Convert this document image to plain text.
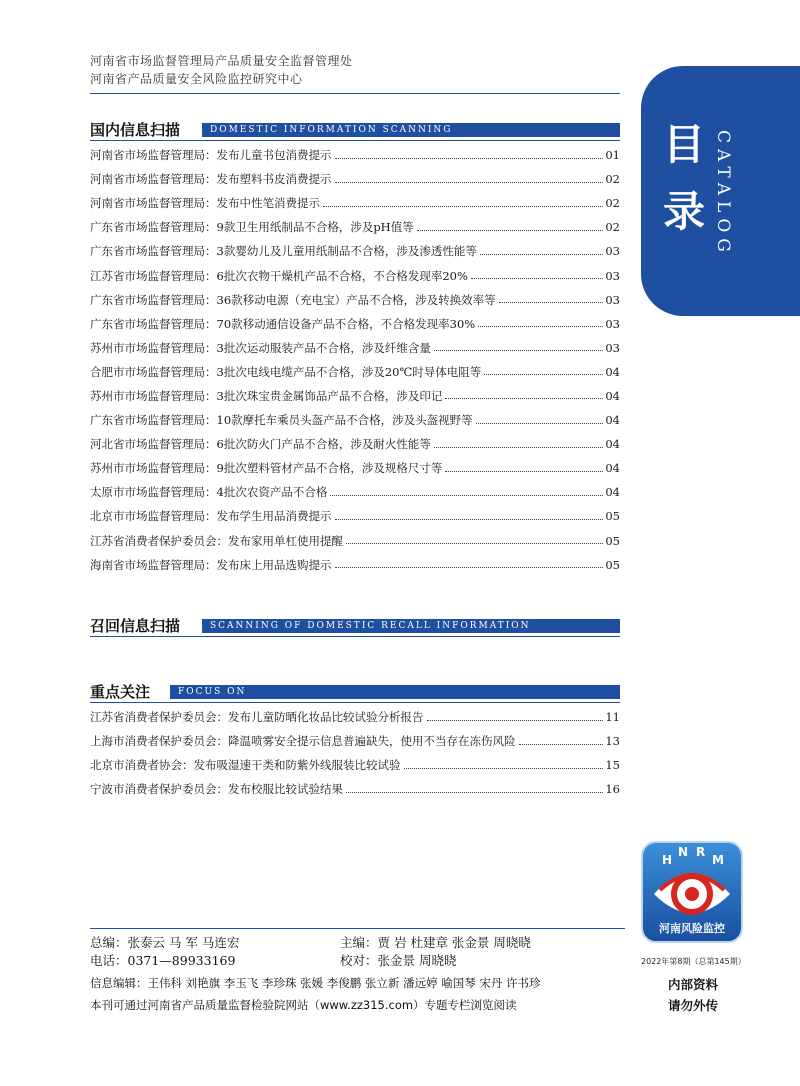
河南省市场监督管理局产品质量安全监督管理处
河南省产品质量安全风险监控研究中心
目
录 CATALOG
国内信息扫描	DOMESTIC INFORMATION SCANNING
河南省市场监督管理局：发布儿童书包消费提示	01
河南省市场监督管理局：发布塑料书皮消费提示	02
河南省市场监督管理局：发布中性笔消费提示	02
广东省市场监督管理局：9款卫生用纸制品不合格，涉及pH值等	02
广东省市场监督管理局：3款婴幼儿及儿童用纸制品不合格，涉及渗透性能等	03
江苏省市场监督管理局：6批次衣物干燥机产品不合格，不合格发现率20%	03
广东省市场监督管理局：36款移动电源（充电宝）产品不合格，涉及转换效率等	03
广东省市场监督管理局：70款移动通信设备产品不合格，不合格发现率30%	03
苏州市市场监督管理局：3批次运动服装产品不合格，涉及纤维含量	03
合肥市市场监督管理局：3批次电线电缆产品不合格，涉及20℃时导体电阻等	04
苏州市市场监督管理局：3批次珠宝贵金属饰品产品不合格，涉及印记	04
广东省市场监督管理局：10款摩托车乘员头盔产品不合格，涉及头盔视野等	04
河北省市场监督管理局：6批次防火门产品不合格，涉及耐火性能等	04
苏州市市场监督管理局：9批次塑料管材产品不合格，涉及规格尺寸等	04
太原市市场监督管理局：4批次农资产品不合格	04
北京市市场监督管理局：发布学生用品消费提示	05
江苏省消费者保护委员会：发布家用单杠使用提醒	05
海南省市场监督管理局：发布床上用品选购提示	05
召回信息扫描	SCANNING OF DOMESTIC RECALL INFORMATION
重点关注	FOCUS ON
江苏省消费者保护委员会：发布儿童防晒化妆品比较试验分析报告	11
上海市消费者保护委员会：降温喷雾安全提示信息普遍缺失，使用不当存在冻伤风险	13
北京市消费者协会：发布吸湿速干类和防紫外线服装比较试验	15
宁波市消费者保护委员会：发布校服比较试验结果	16
H
N R
M
河南风险监控
2022年第8期（总第145期）
内部资料
请勿外传
总编：张泰云 马 军 马连宏	主编：贾 岩 杜建章 张金景 周晓晓
电话：0371—89933169	校对：张金景 周晓晓
信息编辑：王伟科 刘艳旗 李玉飞 李珍珠 张媛 李俊鹏 张立新 潘远婷 喻国琴 宋丹 许书珍
本刊可通过河南省产品质量监督检验院网站（www.zz315.com）专题专栏浏览阅读
